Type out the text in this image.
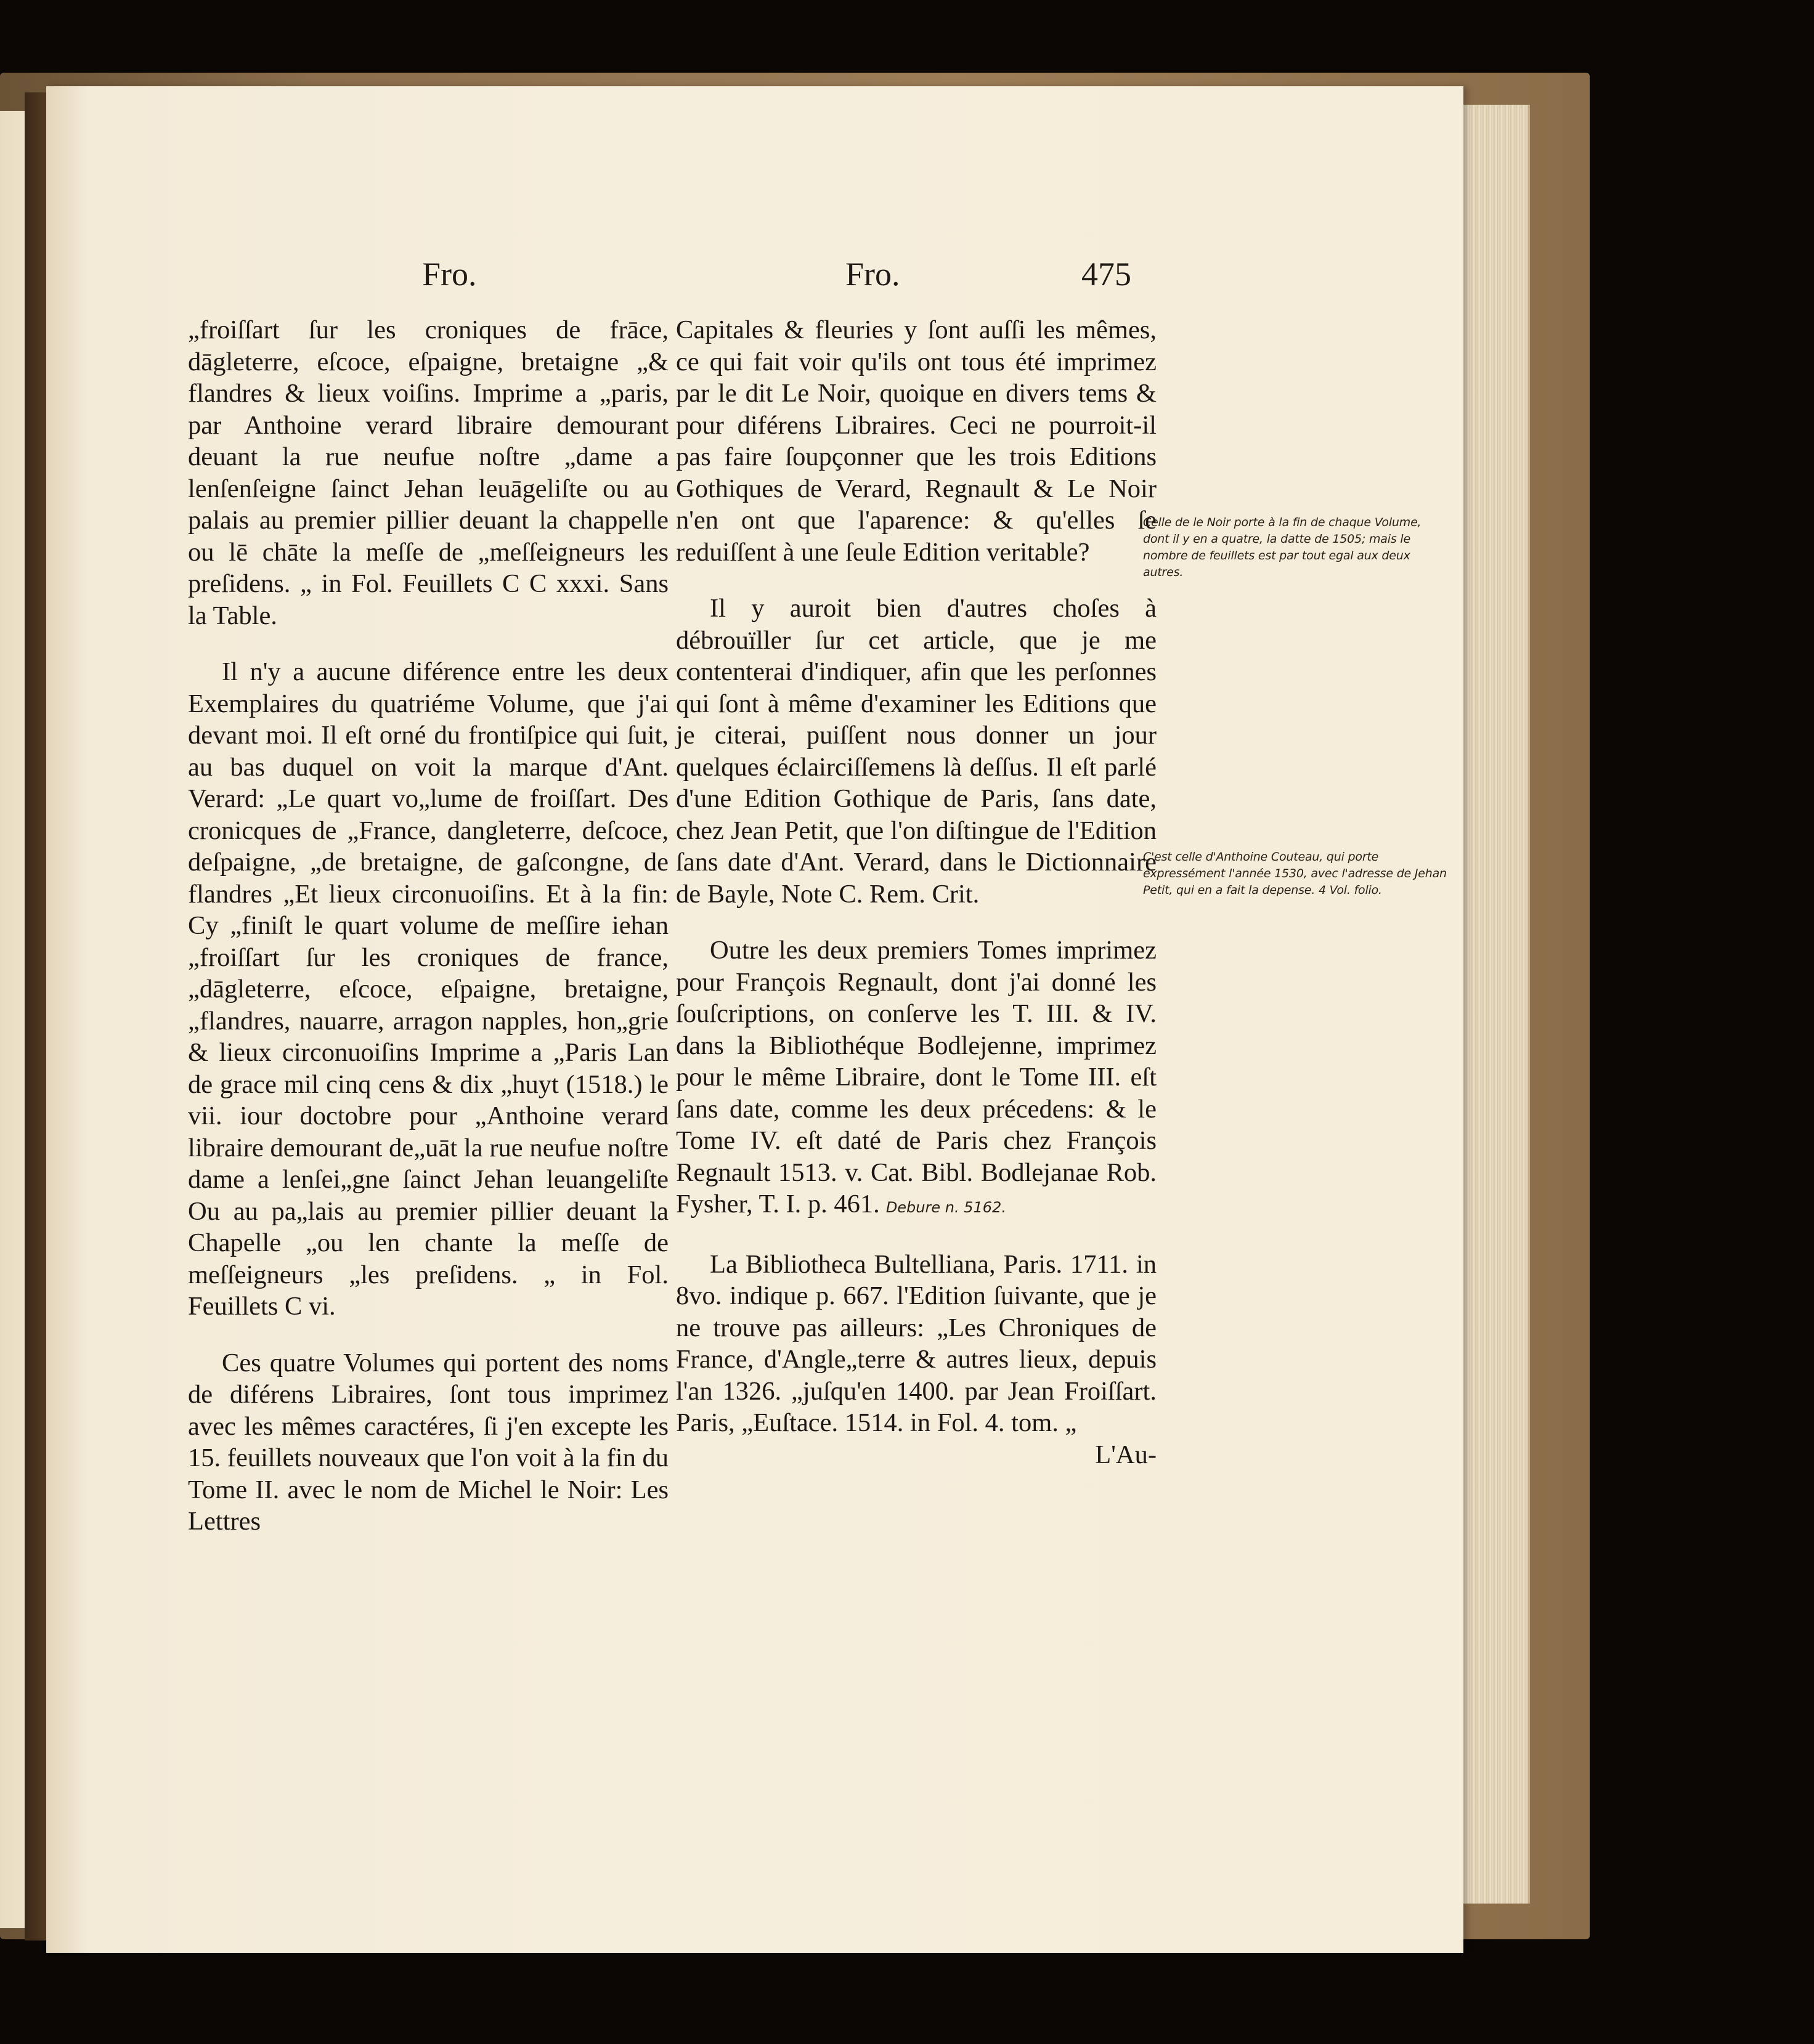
Fro.	Fro.	475

„froiſſart ſur les croniques de frāce, dāgleterre, eſcoce, eſpaigne, bretaigne „& flandres & lieux voiſins. Imprime a „paris, par Anthoine verard libraire demourant deuant la rue neufue noſtre „dame a lenſenſeigne ſainct Jehan leuāgeliſte ou au palais au premier pillier deuant la chappelle ou lē chāte la meſſe de „meſſeigneurs les preſidens. „ in Fol. Feuillets C C xxxi. Sans la Table.

Il n'y a aucune diférence entre les deux Exemplaires du quatriéme Volume, que j'ai devant moi. Il eſt orné du frontiſpice qui ſuit, au bas duquel on voit la marque d'Ant. Verard: „Le quart vo„lume de froiſſart. Des cronicques de „France, dangleterre, deſcoce, deſpaigne, „de bretaigne, de gaſcongne, de flandres „Et lieux circonuoiſins. Et à la fin: Cy „finiſt le quart volume de meſſire iehan „froiſſart ſur les croniques de france, „dāgleterre, eſcoce, eſpaigne, bretaigne, „flandres, nauarre, arragon napples, hon„grie & lieux circonuoiſins Imprime a „Paris Lan de grace mil cinq cens & dix „huyt (1518.) le vii. iour doctobre pour „Anthoine verard libraire demourant de„uāt la rue neufue noſtre dame a lenſei„gne ſainct Jehan leuangeliſte Ou au pa„lais au premier pillier deuant la Chapelle „ou len chante la meſſe de meſſeigneurs „les preſidens. „ in Fol. Feuillets C vi.

Ces quatre Volumes qui portent des noms de diférens Libraires, ſont tous imprimez avec les mêmes caractéres, ſi j'en excepte les 15. feuillets nouveaux que l'on voit à la fin du Tome II. avec le nom de Michel le Noir: Les Lettres

Capitales & fleuries y ſont auſſi les mêmes, ce qui fait voir qu'ils ont tous été imprimez par le dit Le Noir, quoique en divers tems & pour diférens Libraires. Ceci ne pourroit-il pas faire ſoupçonner que les trois Editions Gothiques de Verard, Regnault & Le Noir n'en ont que l'aparence: & qu'elles ſe reduiſſent à une ſeule Edition veritable?

Il y auroit bien d'autres choſes à débrouïller ſur cet article, que je me contenterai d'indiquer, afin que les perſonnes qui ſont à même d'examiner les Editions que je citerai, puiſſent nous donner un jour quelques éclairciſſemens là deſſus. Il eſt parlé d'une Edition Gothique de Paris, ſans date, chez Jean Petit, que l'on diſtingue de l'Edition ſans date d'Ant. Verard, dans le Dictionnaire de Bayle, Note C. Rem. Crit.

Outre les deux premiers Tomes imprimez pour François Regnault, dont j'ai donné les ſouſcriptions, on conſerve les T. III. & IV. dans la Bibliothéque Bodlejenne, imprimez pour le même Libraire, dont le Tome III. eſt ſans date, comme les deux précedens: & le Tome IV. eſt daté de Paris chez François Regnault 1513. v. Cat. Bibl. Bodlejanae Rob. Fysher, T. I. p. 461. Debure n. 5162.

La Bibliotheca Bultelliana, Paris. 1711. in 8vo. indique p. 667. l'Edition ſuivante, que je ne trouve pas ailleurs: „Les Chroniques de France, d'Angle„terre & autres lieux, depuis l'an 1326. „juſqu'en 1400. par Jean Froiſſart. Paris, „Euſtace. 1514. in Fol. 4. tom. „

L'Au-

Celle de le Noir porte à la fin de chaque Volume, dont il y en a quatre, la datte de 1505; mais le nombre de feuillets est par tout egal aux deux autres.
C'est celle d'Anthoine Couteau, qui porte expressément l'année 1530, avec l'adresse de Jehan Petit, qui en a fait la depense. 4 Vol. folio.
